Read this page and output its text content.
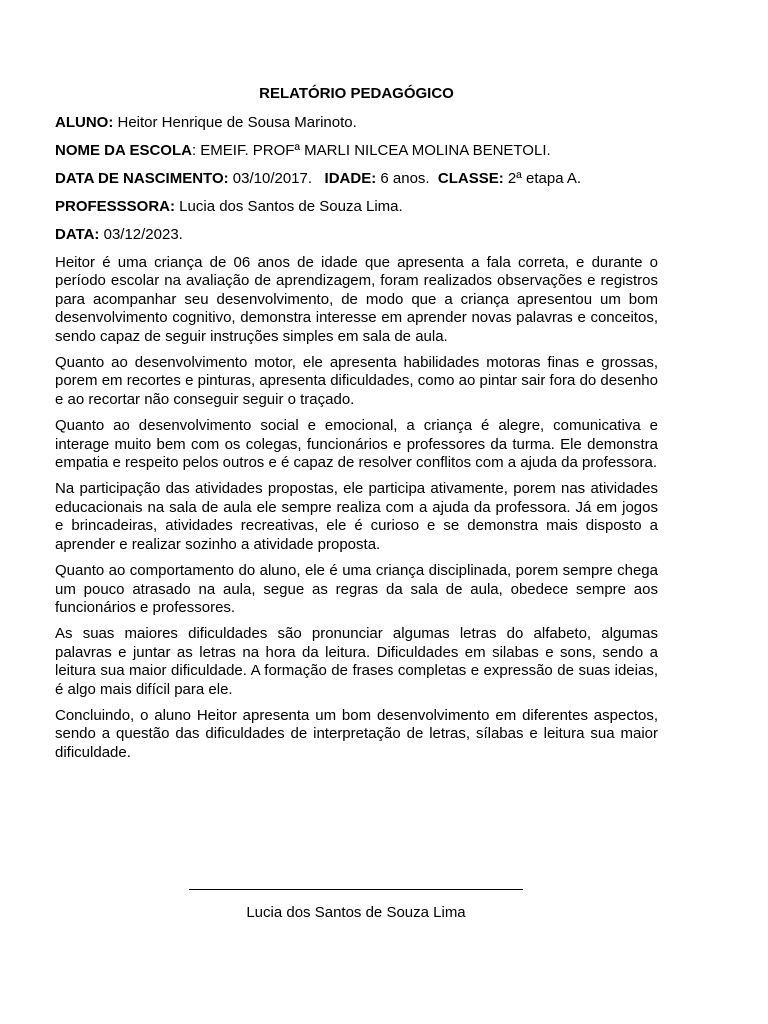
RELATÓRIO PEDAGÓGICO
ALUNO: Heitor Henrique de Sousa Marinoto.
NOME DA ESCOLA: EMEIF. PROFª MARLI NILCEA MOLINA BENETOLI.
DATA DE NASCIMENTO: 03/10/2017.   IDADE: 6 anos.  CLASSE: 2ª etapa A.
PROFESSSORA: Lucia dos Santos de Souza Lima.
DATA: 03/12/2023.

Heitor é uma criança de 06 anos de idade que apresenta a fala correta, e durante o período escolar na avaliação de aprendizagem, foram realizados observações e registros para acompanhar seu desenvolvimento, de modo que a criança apresentou um bom desenvolvimento cognitivo, demonstra interesse em aprender novas palavras e conceitos, sendo capaz de seguir instruções simples em sala de aula.

Quanto ao desenvolvimento motor, ele apresenta habilidades motoras finas e grossas, porem em recortes e pinturas, apresenta dificuldades, como ao pintar sair fora do desenho e ao recortar não conseguir seguir o traçado.

Quanto ao desenvolvimento social e emocional, a criança é alegre, comunicativa e interage muito bem com os colegas, funcionários e professores da turma. Ele demonstra empatia e respeito pelos outros e é capaz de resolver conflitos com a ajuda da professora.

Na participação das atividades propostas, ele participa ativamente, porem nas atividades educacionais na sala de aula ele sempre realiza com a ajuda da professora. Já em jogos e brincadeiras, atividades recreativas, ele é curioso e se demonstra mais disposto a aprender e realizar sozinho a atividade proposta.

Quanto ao comportamento do aluno, ele é uma criança disciplinada, porem sempre chega um pouco atrasado na aula, segue as regras da sala de aula, obedece sempre aos funcionários e professores.

As suas maiores dificuldades são pronunciar algumas letras do alfabeto, algumas palavras e juntar as letras na hora da leitura. Dificuldades em silabas e sons, sendo a leitura sua maior dificuldade. A formação de frases completas e expressão de suas ideias, é algo mais difícil para ele.

Concluindo, o aluno Heitor apresenta um bom desenvolvimento em diferentes aspectos, sendo a questão das dificuldades de interpretação de letras, sílabas e leitura sua maior dificuldade.

Lucia dos Santos de Souza Lima
